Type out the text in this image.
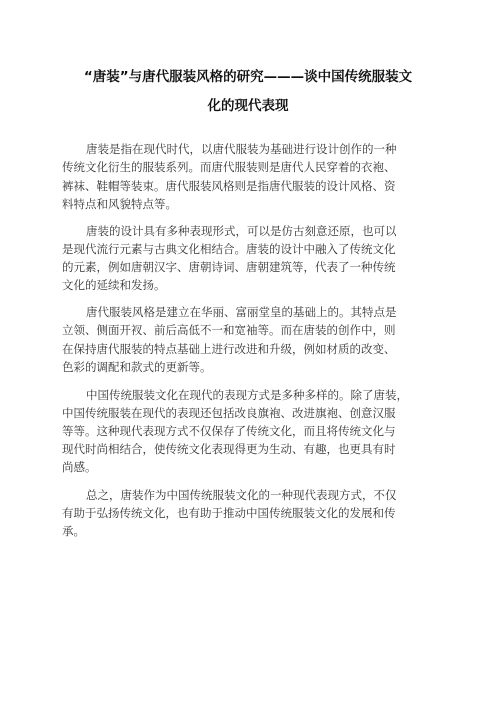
“唐装”与唐代服装风格的研究———谈中国传统服装文
化的现代表现
唐装是指在现代时代，以唐代服装为基础进行设计创作的一种
传统文化衍生的服装系列。而唐代服装则是唐代人民穿着的衣袍、
裤袜、鞋帽等装束。唐代服装风格则是指唐代服装的设计风格、资
料特点和风貌特点等。
唐装的设计具有多种表现形式，可以是仿古刻意还原，也可以
是现代流行元素与古典文化相结合。唐装的设计中融入了传统文化
的元素，例如唐朝汉字、唐朝诗词、唐朝建筑等，代表了一种传统
文化的延续和发扬。
唐代服装风格是建立在华丽、富丽堂皇的基础上的。其特点是
立领、侧面开衩、前后高低不一和宽袖等。而在唐装的创作中，则
在保持唐代服装的特点基础上进行改进和升级，例如材质的改变、
色彩的调配和款式的更新等。
中国传统服装文化在现代的表现方式是多种多样的。除了唐装，
中国传统服装在现代的表现还包括改良旗袍、改进旗袍、创意汉服
等等。这种现代表现方式不仅保存了传统文化，而且将传统文化与
现代时尚相结合，使传统文化表现得更为生动、有趣，也更具有时
尚感。
总之，唐装作为中国传统服装文化的一种现代表现方式，不仅
有助于弘扬传统文化，也有助于推动中国传统服装文化的发展和传
承。
